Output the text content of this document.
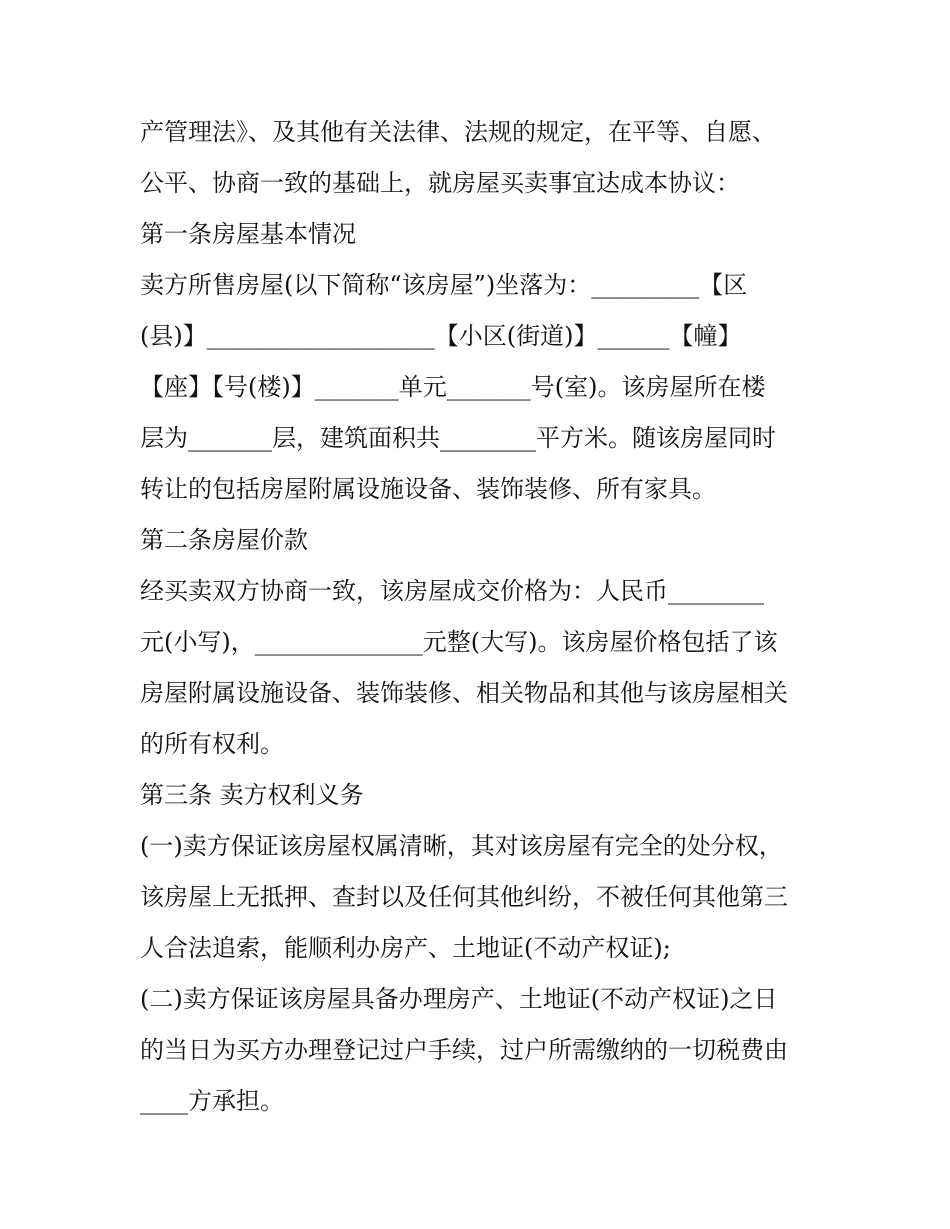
产管理法》、及其他有关法律、法规的规定，在平等、自愿、
公平、协商一致的基础上，就房屋买卖事宜达成本协议：
第一条房屋基本情况
卖方所售房屋(以下简称“该房屋”)坐落为：_________【区
(县)】___________________【小区(街道)】______【幢】
【座】【号(楼)】_______单元_______号(室)。该房屋所在楼
层为_______层，建筑面积共________平方米。随该房屋同时
转让的包括房屋附属设施设备、装饰装修、所有家具。
第二条房屋价款
经买卖双方协商一致，该房屋成交价格为：人民币________
元(小写)，______________元整(大写)。该房屋价格包括了该
房屋附属设施设备、装饰装修、相关物品和其他与该房屋相关
的所有权利。
第三条 卖方权利义务
(一)卖方保证该房屋权属清晰，其对该房屋有完全的处分权，
该房屋上无抵押、查封以及任何其他纠纷，不被任何其他第三
人合法追索，能顺利办房产、土地证(不动产权证);
(二)卖方保证该房屋具备办理房产、土地证(不动产权证)之日
的当日为买方办理登记过户手续，过户所需缴纳的一切税费由
____方承担。
